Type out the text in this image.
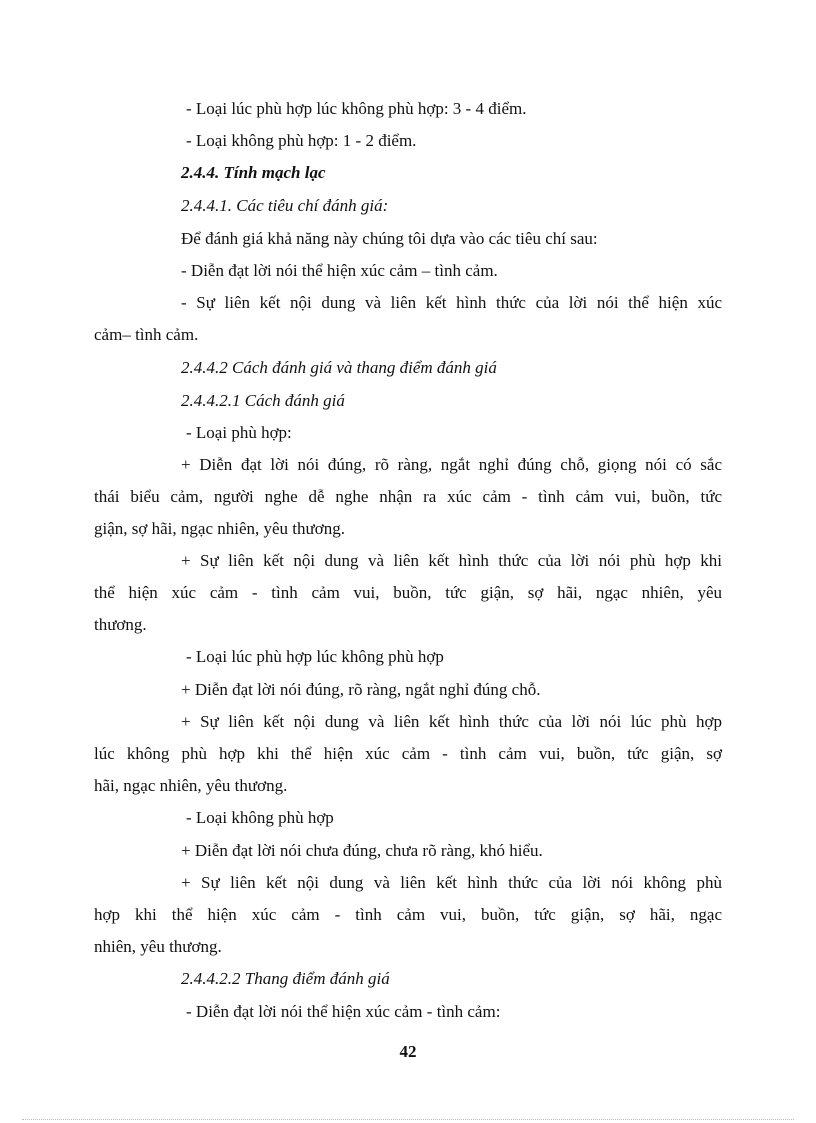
- Loại lúc phù hợp lúc không phù hợp: 3 - 4 điểm.
- Loại không phù hợp: 1 - 2 điểm.
2.4.4. Tính mạch lạc
2.4.4.1. Các tiêu chí đánh giá:
Để đánh giá khả năng này chúng tôi dựa vào các tiêu chí sau:
- Diễn đạt lời nói thể hiện xúc cảm – tình cảm.
- Sự liên kết nội dung và liên kết hình thức của lời nói thể hiện xúc
cảm– tình cảm.
2.4.4.2 Cách đánh giá và thang điểm đánh giá
2.4.4.2.1 Cách đánh giá
- Loại phù hợp:
+ Diễn đạt lời nói đúng, rõ ràng, ngắt nghỉ đúng chỗ, giọng nói có sắc
thái biểu cảm, người nghe dễ nghe nhận ra xúc cảm - tình cảm vui, buồn, tức
giận, sợ hãi, ngạc nhiên, yêu thương.
+ Sự liên kết nội dung và liên kết hình thức của lời nói phù hợp khi
thể hiện xúc cảm - tình cảm vui, buồn, tức giận, sợ hãi, ngạc nhiên, yêu
thương.
- Loại lúc phù hợp lúc không phù hợp
+ Diễn đạt lời nói đúng, rõ ràng, ngắt nghỉ đúng chỗ.
+ Sự liên kết nội dung và liên kết hình thức của lời nói lúc phù hợp
lúc không phù hợp khi thể hiện xúc cảm - tình cảm vui, buồn, tức giận, sợ
hãi, ngạc nhiên, yêu thương.
- Loại không phù hợp
+ Diễn đạt lời nói chưa đúng, chưa rõ ràng, khó hiểu.
+ Sự liên kết nội dung và liên kết hình thức của lời nói không phù
hợp khi thể hiện xúc cảm - tình cảm vui, buồn, tức giận, sợ hãi, ngạc
nhiên, yêu thương.
2.4.4.2.2 Thang điểm đánh giá
- Diễn đạt lời nói thể hiện xúc cảm - tình cảm:
42
